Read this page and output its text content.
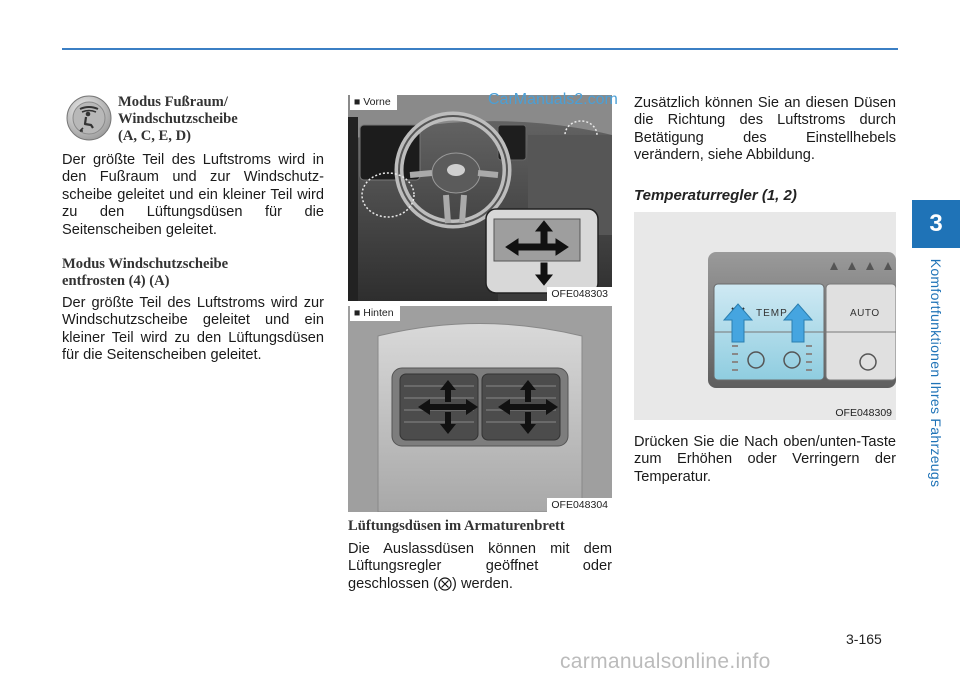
Modus Fußraum/
Windschutzscheibe
(A, C, E, D)

Der größte Teil des Luftstroms wird in den Fußraum und zur Windschutz-scheibe geleitet und ein kleiner Teil wird zu den Lüftungsdüsen für die Seitenscheiben geleitet.

Modus Windschutzscheibe
entfrosten (4) (A)

Der größte Teil des Luftstroms wird zur Windschutzscheibe geleitet und ein kleiner Teil wird zu den Lüftungsdüsen für die Seitenscheiben geleitet.

■ Vorne
OFE048303
■ Hinten
OFE048304
Lüftungsdüsen im Armaturenbrett

Die Auslassdüsen können mit dem Lüftungsregler geöffnet oder geschlossen ( ) werden.

Zusätzlich können Sie an diesen Düsen die Richtung des Luftstroms durch Betätigung des Einstellhebels verändern, siehe Abbildung.

Temperaturregler (1, 2)
TEMP	AUTO
OFE048309

Drücken Sie die Nach oben/unten-Taste zum Erhöhen oder Verringern der Temperatur.

3
Komfortfunktionen Ihres Fahrzeugs
3-165
CarManuals2.com
carmanualsonline.info
